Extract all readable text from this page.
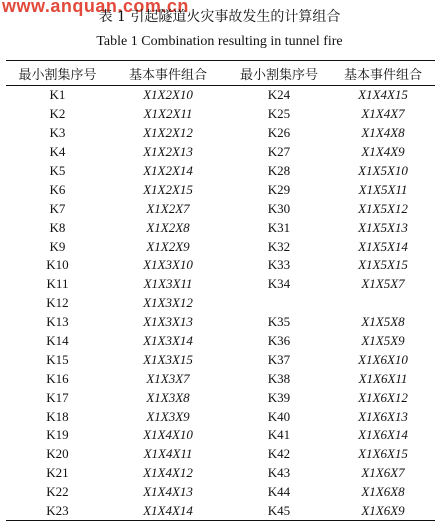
www.anquan.com.cn
表 1 引起隧道火灾事故发生的计算组合
Table 1 Combination resulting in tunnel fire
最小割集序号	基本事件组合	最小割集序号	基本事件组合
K1	X1X2X10	K24	X1X4X15
K2	X1X2X11	K25	X1X4X7
K3	X1X2X12	K26	X1X4X8
K4	X1X2X13	K27	X1X4X9
K5	X1X2X14	K28	X1X5X10
K6	X1X2X15	K29	X1X5X11
K7	X1X2X7	K30	X1X5X12
K8	X1X2X8	K31	X1X5X13
K9	X1X2X9	K32	X1X5X14
K10	X1X3X10	K33	X1X5X15
K11	X1X3X11	K34	X1X5X7
K12	X1X3X12		
K13	X1X3X13	K35	X1X5X8
K14	X1X3X14	K36	X1X5X9
K15	X1X3X15	K37	X1X6X10
K16	X1X3X7	K38	X1X6X11
K17	X1X3X8	K39	X1X6X12
K18	X1X3X9	K40	X1X6X13
K19	X1X4X10	K41	X1X6X14
K20	X1X4X11	K42	X1X6X15
K21	X1X4X12	K43	X1X6X7
K22	X1X4X13	K44	X1X6X8
K23	X1X4X14	K45	X1X6X9
